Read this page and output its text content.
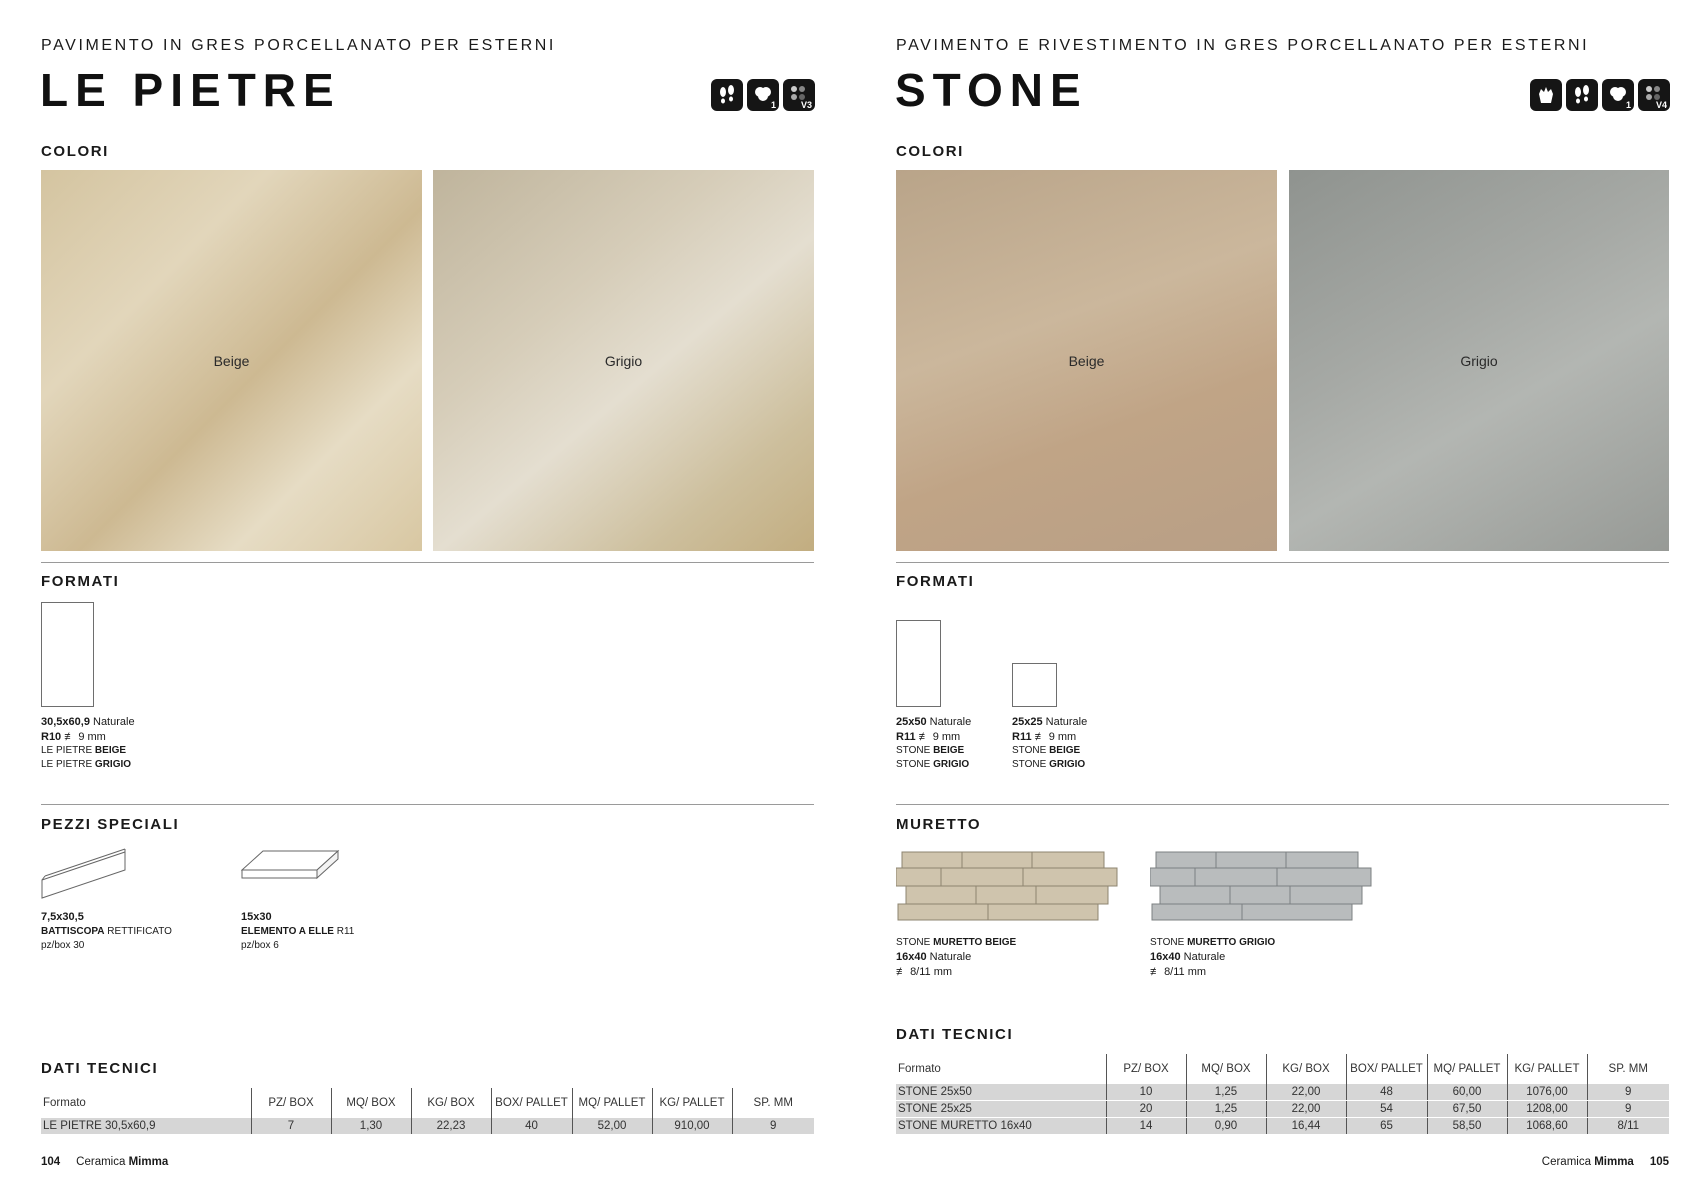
PAVIMENTO IN GRES PORCELLANATO PER ESTERNI
LE PIETRE	1	V3
COLORI
Beige	Grigio
FORMATI
30,5x60,9 Naturale
R10 ≢ 9 mm
LE PIETRE BEIGE
LE PIETRE GRIGIO
PEZZI SPECIALI
7,5x30,5
BATTISCOPA RETTIFICATO
pz/box 30
15x30
ELEMENTO A ELLE R11
pz/box 6
DATI TECNICI
Formato	PZ/ BOX	MQ/ BOX	KG/ BOX	BOX/ PALLET	MQ/ PALLET	KG/ PALLET	SP. MM
LE PIETRE 30,5x60,9	7	1,30	22,23	40	52,00	910,00	9
104 Ceramica Mimma
PAVIMENTO E RIVESTIMENTO IN GRES PORCELLANATO PER ESTERNI
STONE	1	V4
COLORI
Beige	Grigio
FORMATI
25x50 Naturale
R11 ≢ 9 mm
STONE BEIGE
STONE GRIGIO
25x25 Naturale
R11 ≢ 9 mm
STONE BEIGE
STONE GRIGIO
MURETTO
STONE MURETTO BEIGE
16x40 Naturale
≢ 8/11 mm
STONE MURETTO GRIGIO
16x40 Naturale
≢ 8/11 mm
DATI TECNICI
Formato	PZ/ BOX	MQ/ BOX	KG/ BOX	BOX/ PALLET	MQ/ PALLET	KG/ PALLET	SP. MM
STONE 25x50	10	1,25	22,00	48	60,00	1076,00	9
STONE 25x25	20	1,25	22,00	54	67,50	1208,00	9
STONE MURETTO 16x40	14	0,90	16,44	65	58,50	1068,60	8/11
Ceramica Mimma 105
